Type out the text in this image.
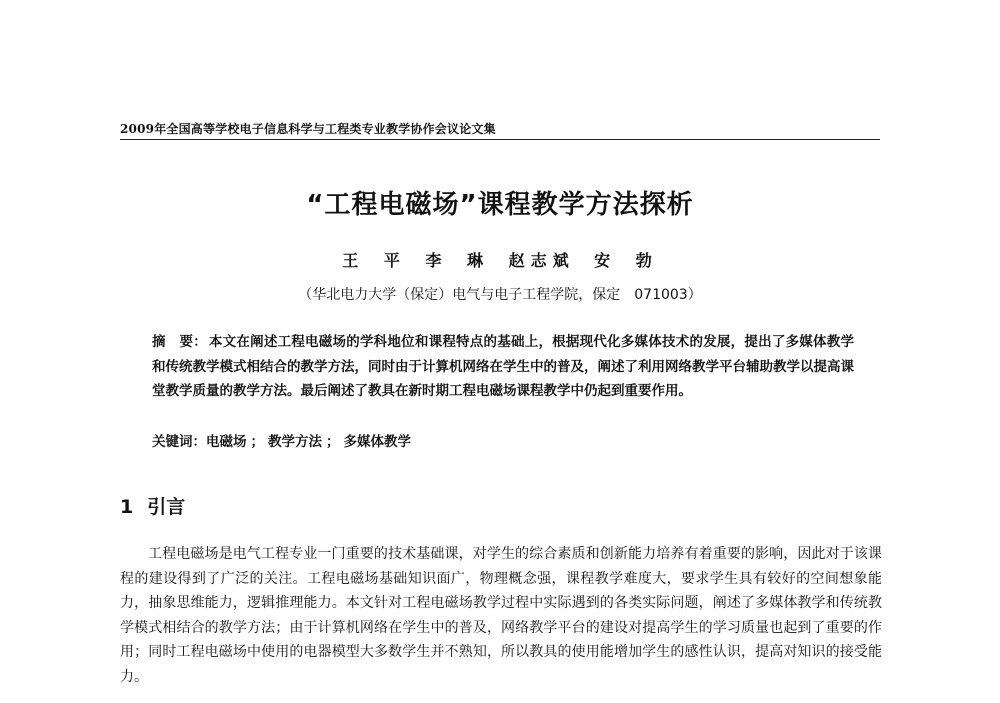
2009年全国高等学校电子信息科学与工程类专业教学协作会议论文集
“工程电磁场”课程教学方法探析
王 平 李 琳 赵志斌 安 勃
（华北电力大学（保定）电气与电子工程学院，保定　071003）
摘　要： 本文在阐述工程电磁场的学科地位和课程特点的基础上，根据现代化多媒体技术的发展，提出了多媒体教学和传统教学模式相结合的教学方法，同时由于计算机网络在学生中的普及，阐述了利用网络教学平台辅助教学以提高课堂教学质量的教学方法。最后阐述了教具在新时期工程电磁场课程教学中仍起到重要作用。
关键词：电磁场 ； 教学方法 ； 多媒体教学
1 引言
工程电磁场是电气工程专业一门重要的技术基础课，对学生的综合素质和创新能力培养有着重要的影响，因此对于该课程的建设得到了广泛的关注。工程电磁场基础知识面广，物理概念强，课程教学难度大，要求学生具有较好的空间想象能力，抽象思维能力，逻辑推理能力。本文针对工程电磁场教学过程中实际遇到的各类实际问题，阐述了多媒体教学和传统教学模式相结合的教学方法；由于计算机网络在学生中的普及，网络教学平台的建设对提高学生的学习质量也起到了重要的作用；同时工程电磁场中使用的电器模型大多数学生并不熟知，所以教具的使用能增加学生的感性认识，提高对知识的接受能力。
